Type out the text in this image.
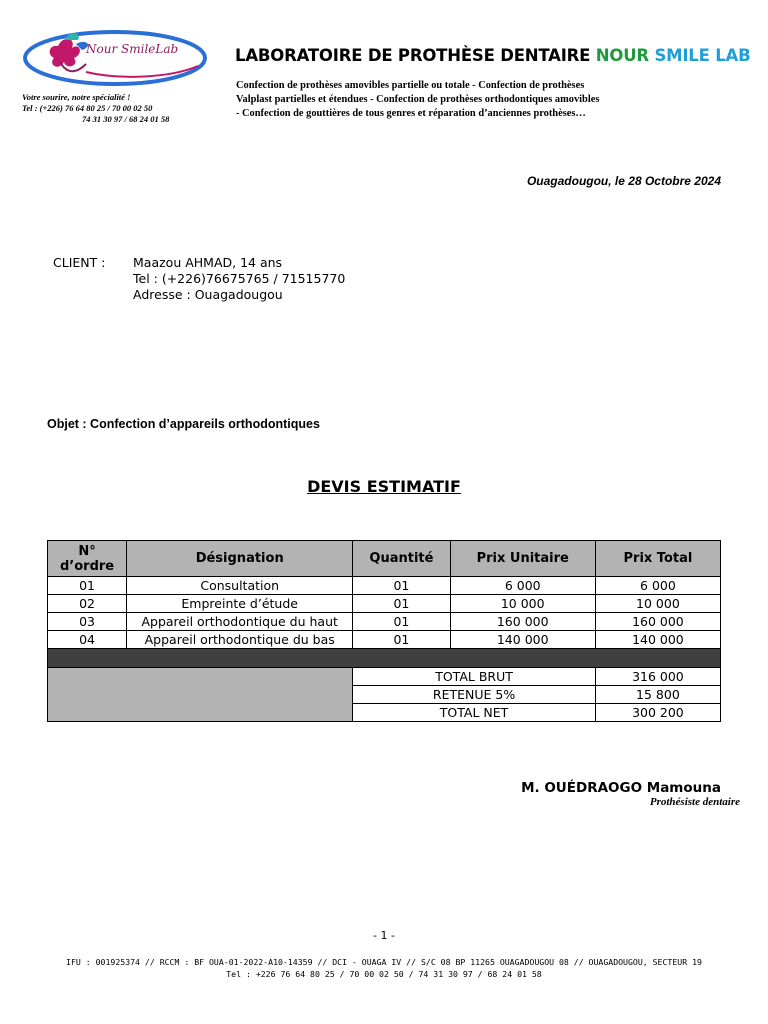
Nour SmileLab
Votre sourire, notre spécialité !
Tel : (+226) 76 64 80 25 / 70 00 02 50
74 31 30 97 / 68 24 01 58
LABORATOIRE DE PROTHÈSE DENTAIRE NOUR SMILE LAB
Confection de prothèses amovibles partielle ou totale - Confection de prothèses
Valplast partielles et étendues - Confection de prothèses orthodontiques amovibles
- Confection de gouttières de tous genres et réparation d’anciennes prothèses…
Ouagadougou, le 28 Octobre 2024
CLIENT : Maazou AHMAD, 14 ans
Tel : (+226)76675765 / 71515770
Adresse : Ouagadougou
Objet : Confection d’appareils orthodontiques
DEVIS ESTIMATIF
N° d’ordre	Désignation	Quantité	Prix Unitaire	Prix Total
01	Consultation	01	6 000	6 000
02	Empreinte d’étude	01	10 000	10 000
03	Appareil orthodontique du haut	01	160 000	160 000
04	Appareil orthodontique du bas	01	140 000	140 000

		TOTAL BRUT		316 000
		RETENUE 5%		15 800
		TOTAL NET		300 200
M. OUÉDRAOGO Mamouna
Prothésiste dentaire
- 1 -
IFU : 001925374 // RCCM : BF OUA-01-2022-A10-14359 // DCI - OUAGA IV // S/C 08 BP 11265 OUAGADOUGOU 08 // OUAGADOUGOU, SECTEUR 19
Tel : +226 76 64 80 25 / 70 00 02 50 / 74 31 30 97 / 68 24 01 58
